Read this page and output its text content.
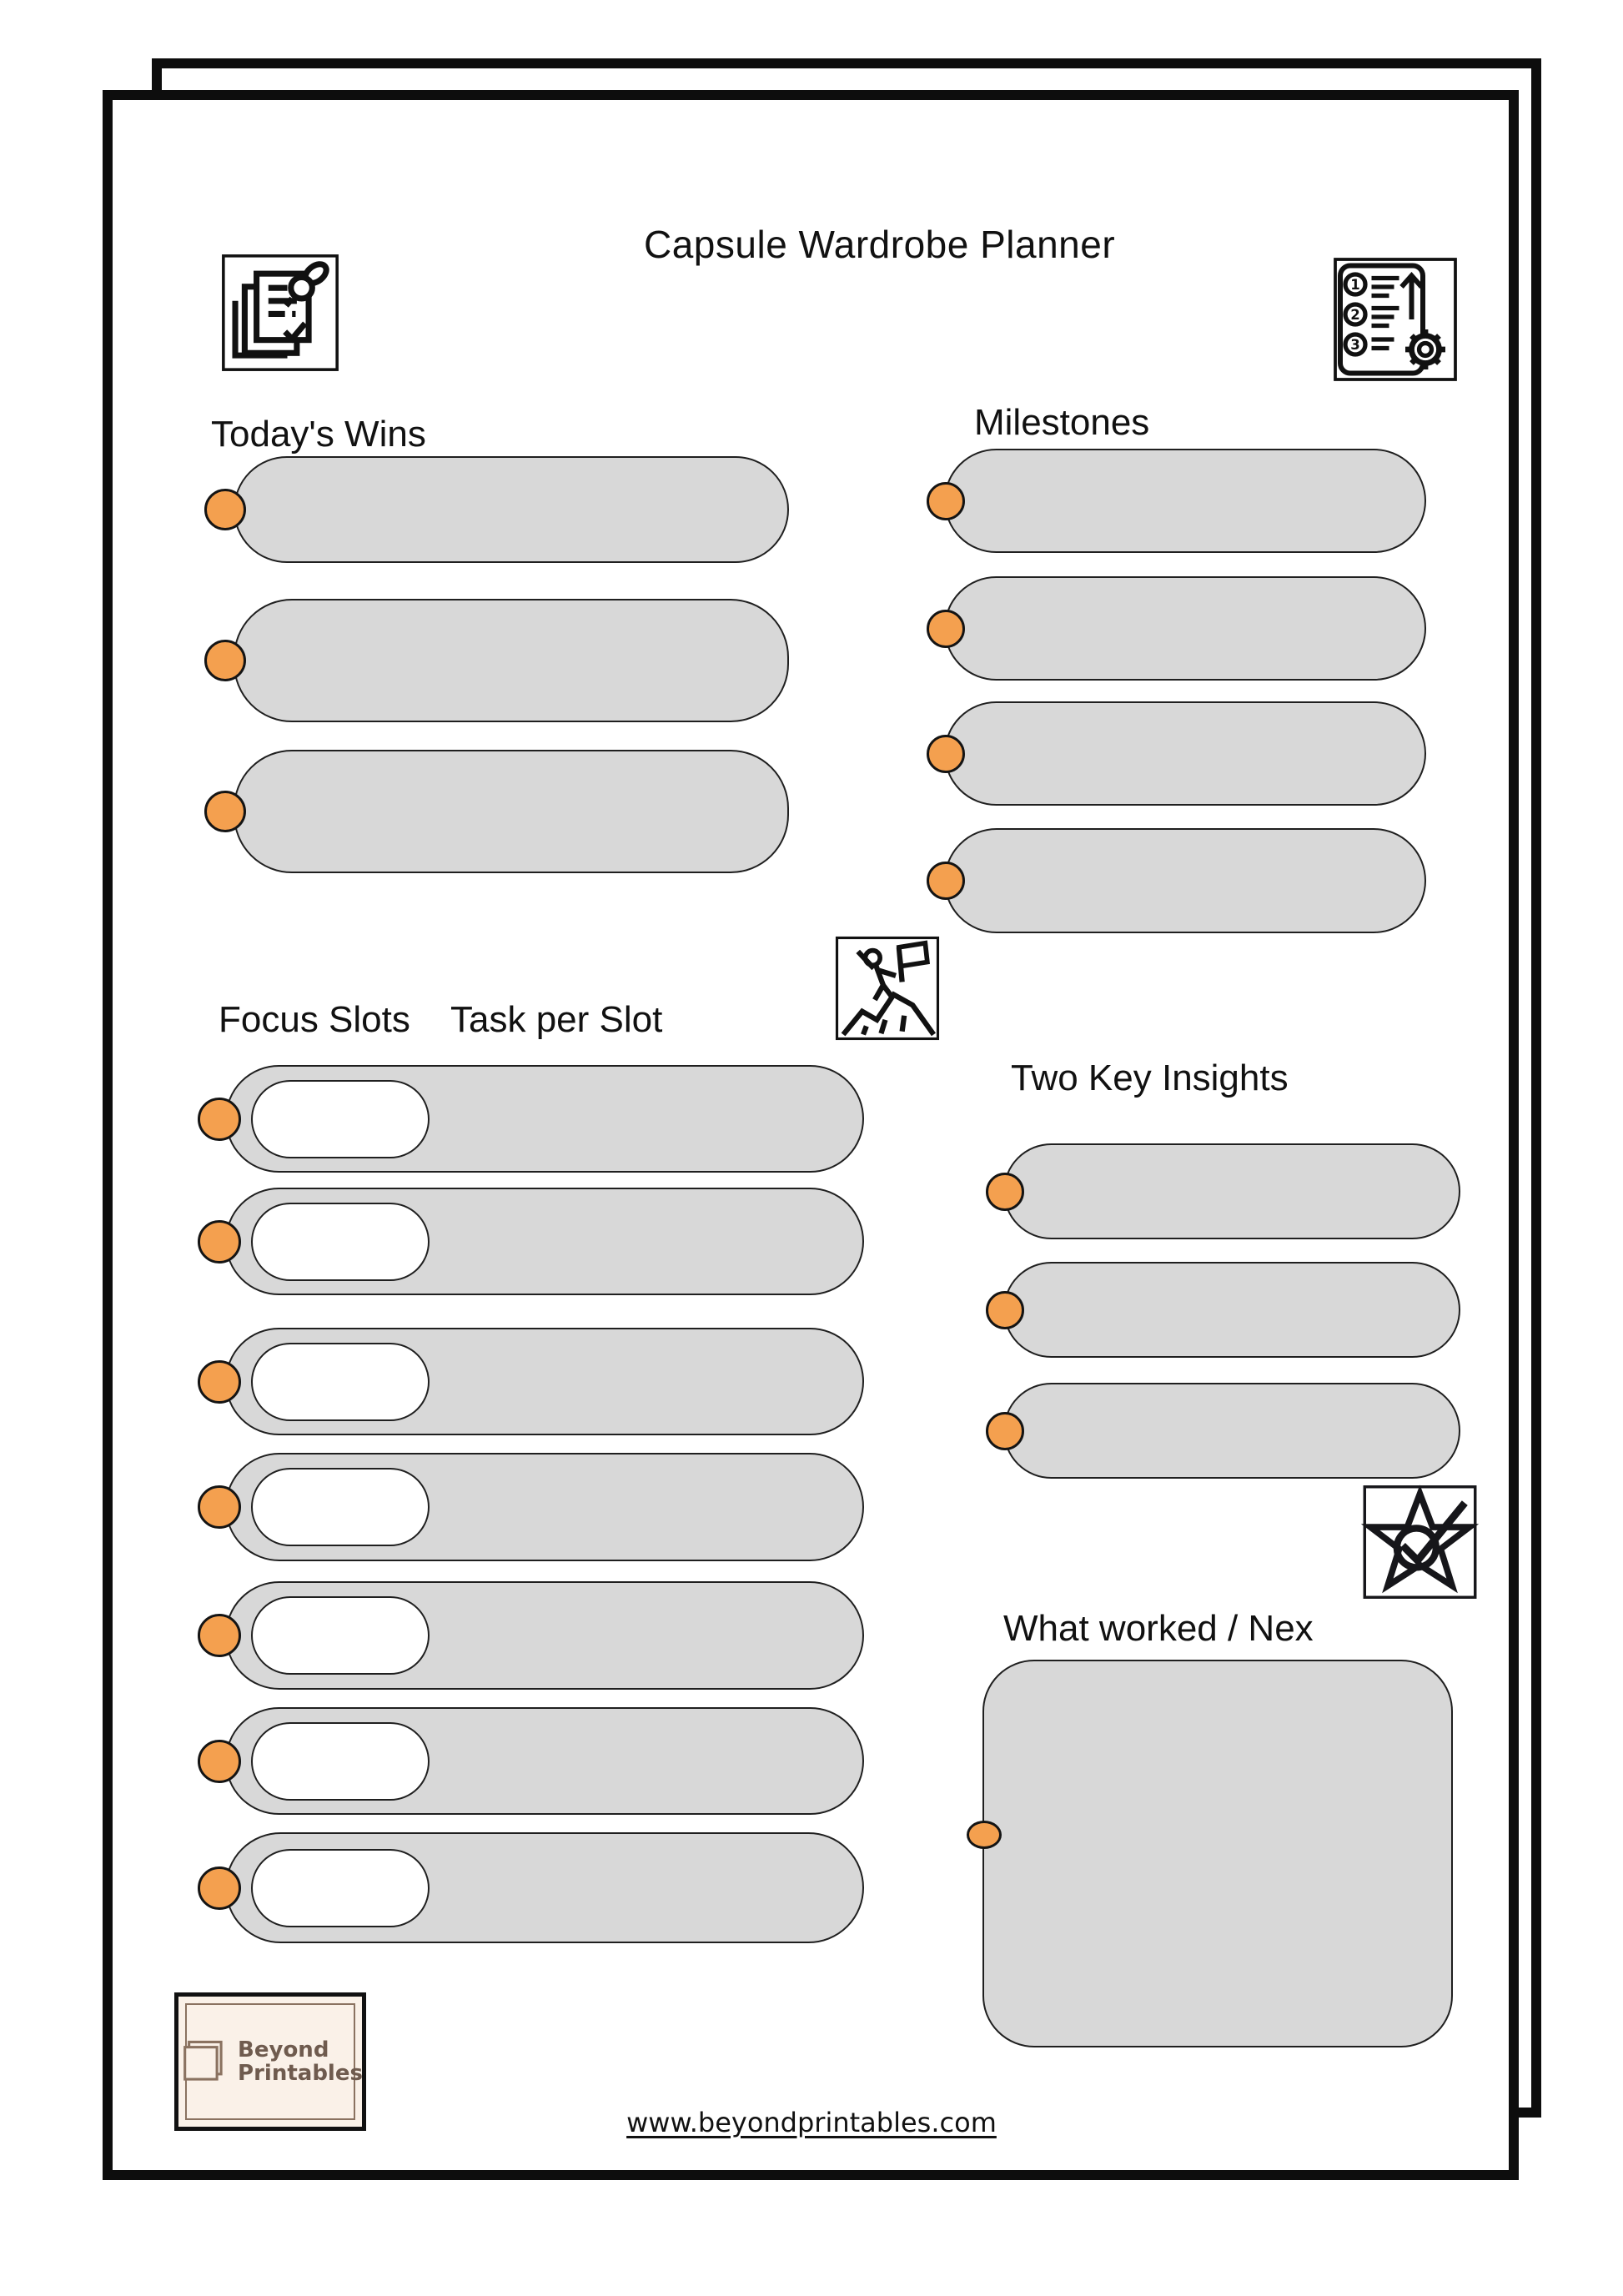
Capsule Wardrobe Planner
1
2
3
Today's Wins	Milestones
Focus Slots Task per Slot
Two Key Insights
What worked / Nex
Beyond
Printables
www.beyondprintables.com
